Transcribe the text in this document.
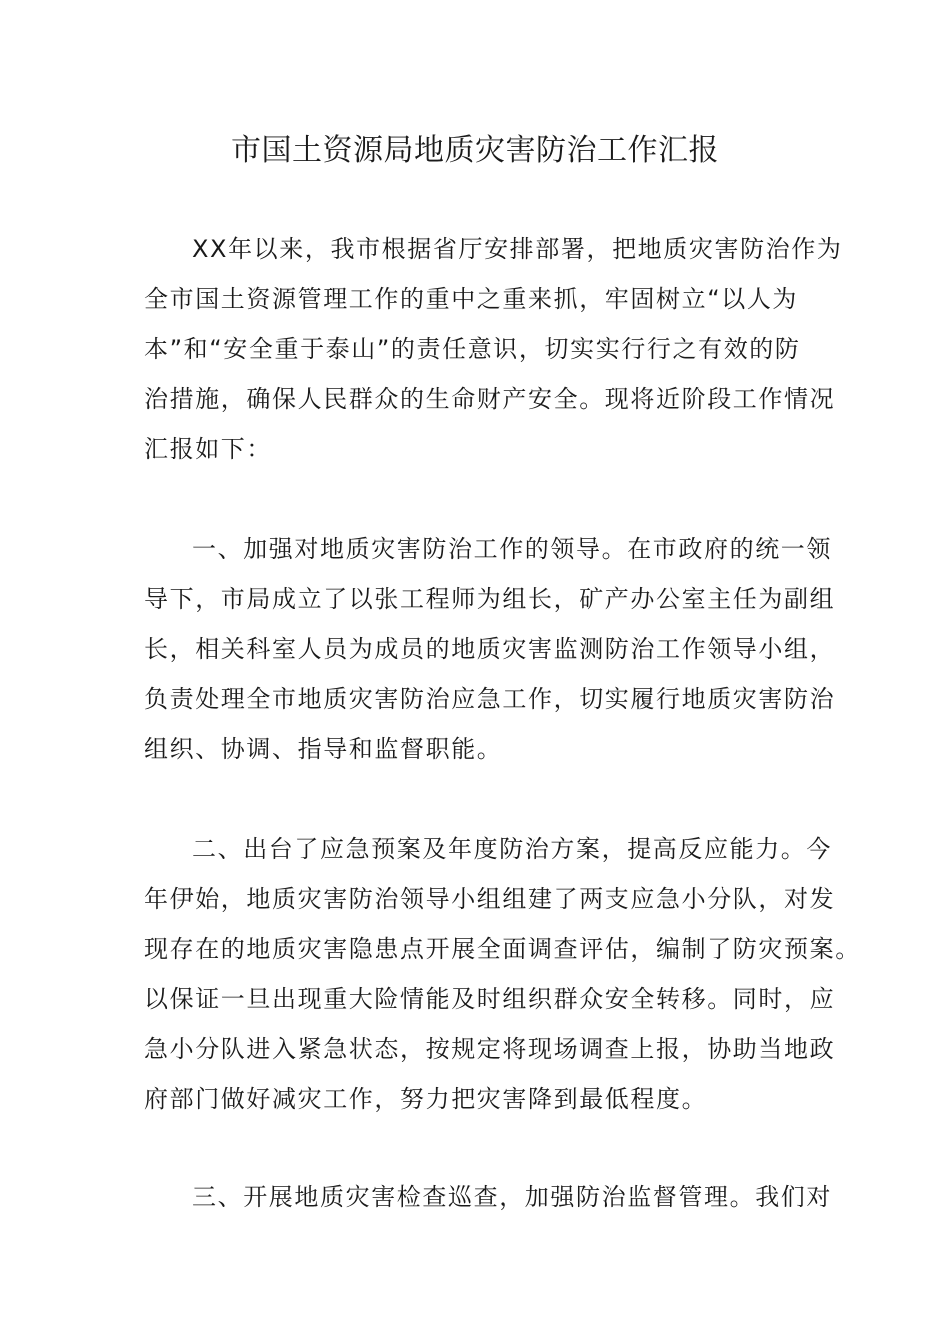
市国土资源局地质灾害防治工作汇报
XX年以来，我市根据省厅安排部署，把地质灾害防治作为
全市国土资源管理工作的重中之重来抓，牢固树立“以人为
本”和“安全重于泰山”的责任意识，切实实行行之有效的防
治措施，确保人民群众的生命财产安全。现将近阶段工作情况
汇报如下：
一、加强对地质灾害防治工作的领导。在市政府的统一领
导下，市局成立了以张工程师为组长，矿产办公室主任为副组
长，相关科室人员为成员的地质灾害监测防治工作领导小组，
负责处理全市地质灾害防治应急工作，切实履行地质灾害防治
组织、协调、指导和监督职能。
二、出台了应急预案及年度防治方案，提高反应能力。今
年伊始，地质灾害防治领导小组组建了两支应急小分队，对发
现存在的地质灾害隐患点开展全面调查评估，编制了防灾预案。
以保证一旦出现重大险情能及时组织群众安全转移。同时，应
急小分队进入紧急状态，按规定将现场调查上报，协助当地政
府部门做好减灾工作，努力把灾害降到最低程度。
三、开展地质灾害检查巡查，加强防治监督管理。我们对
